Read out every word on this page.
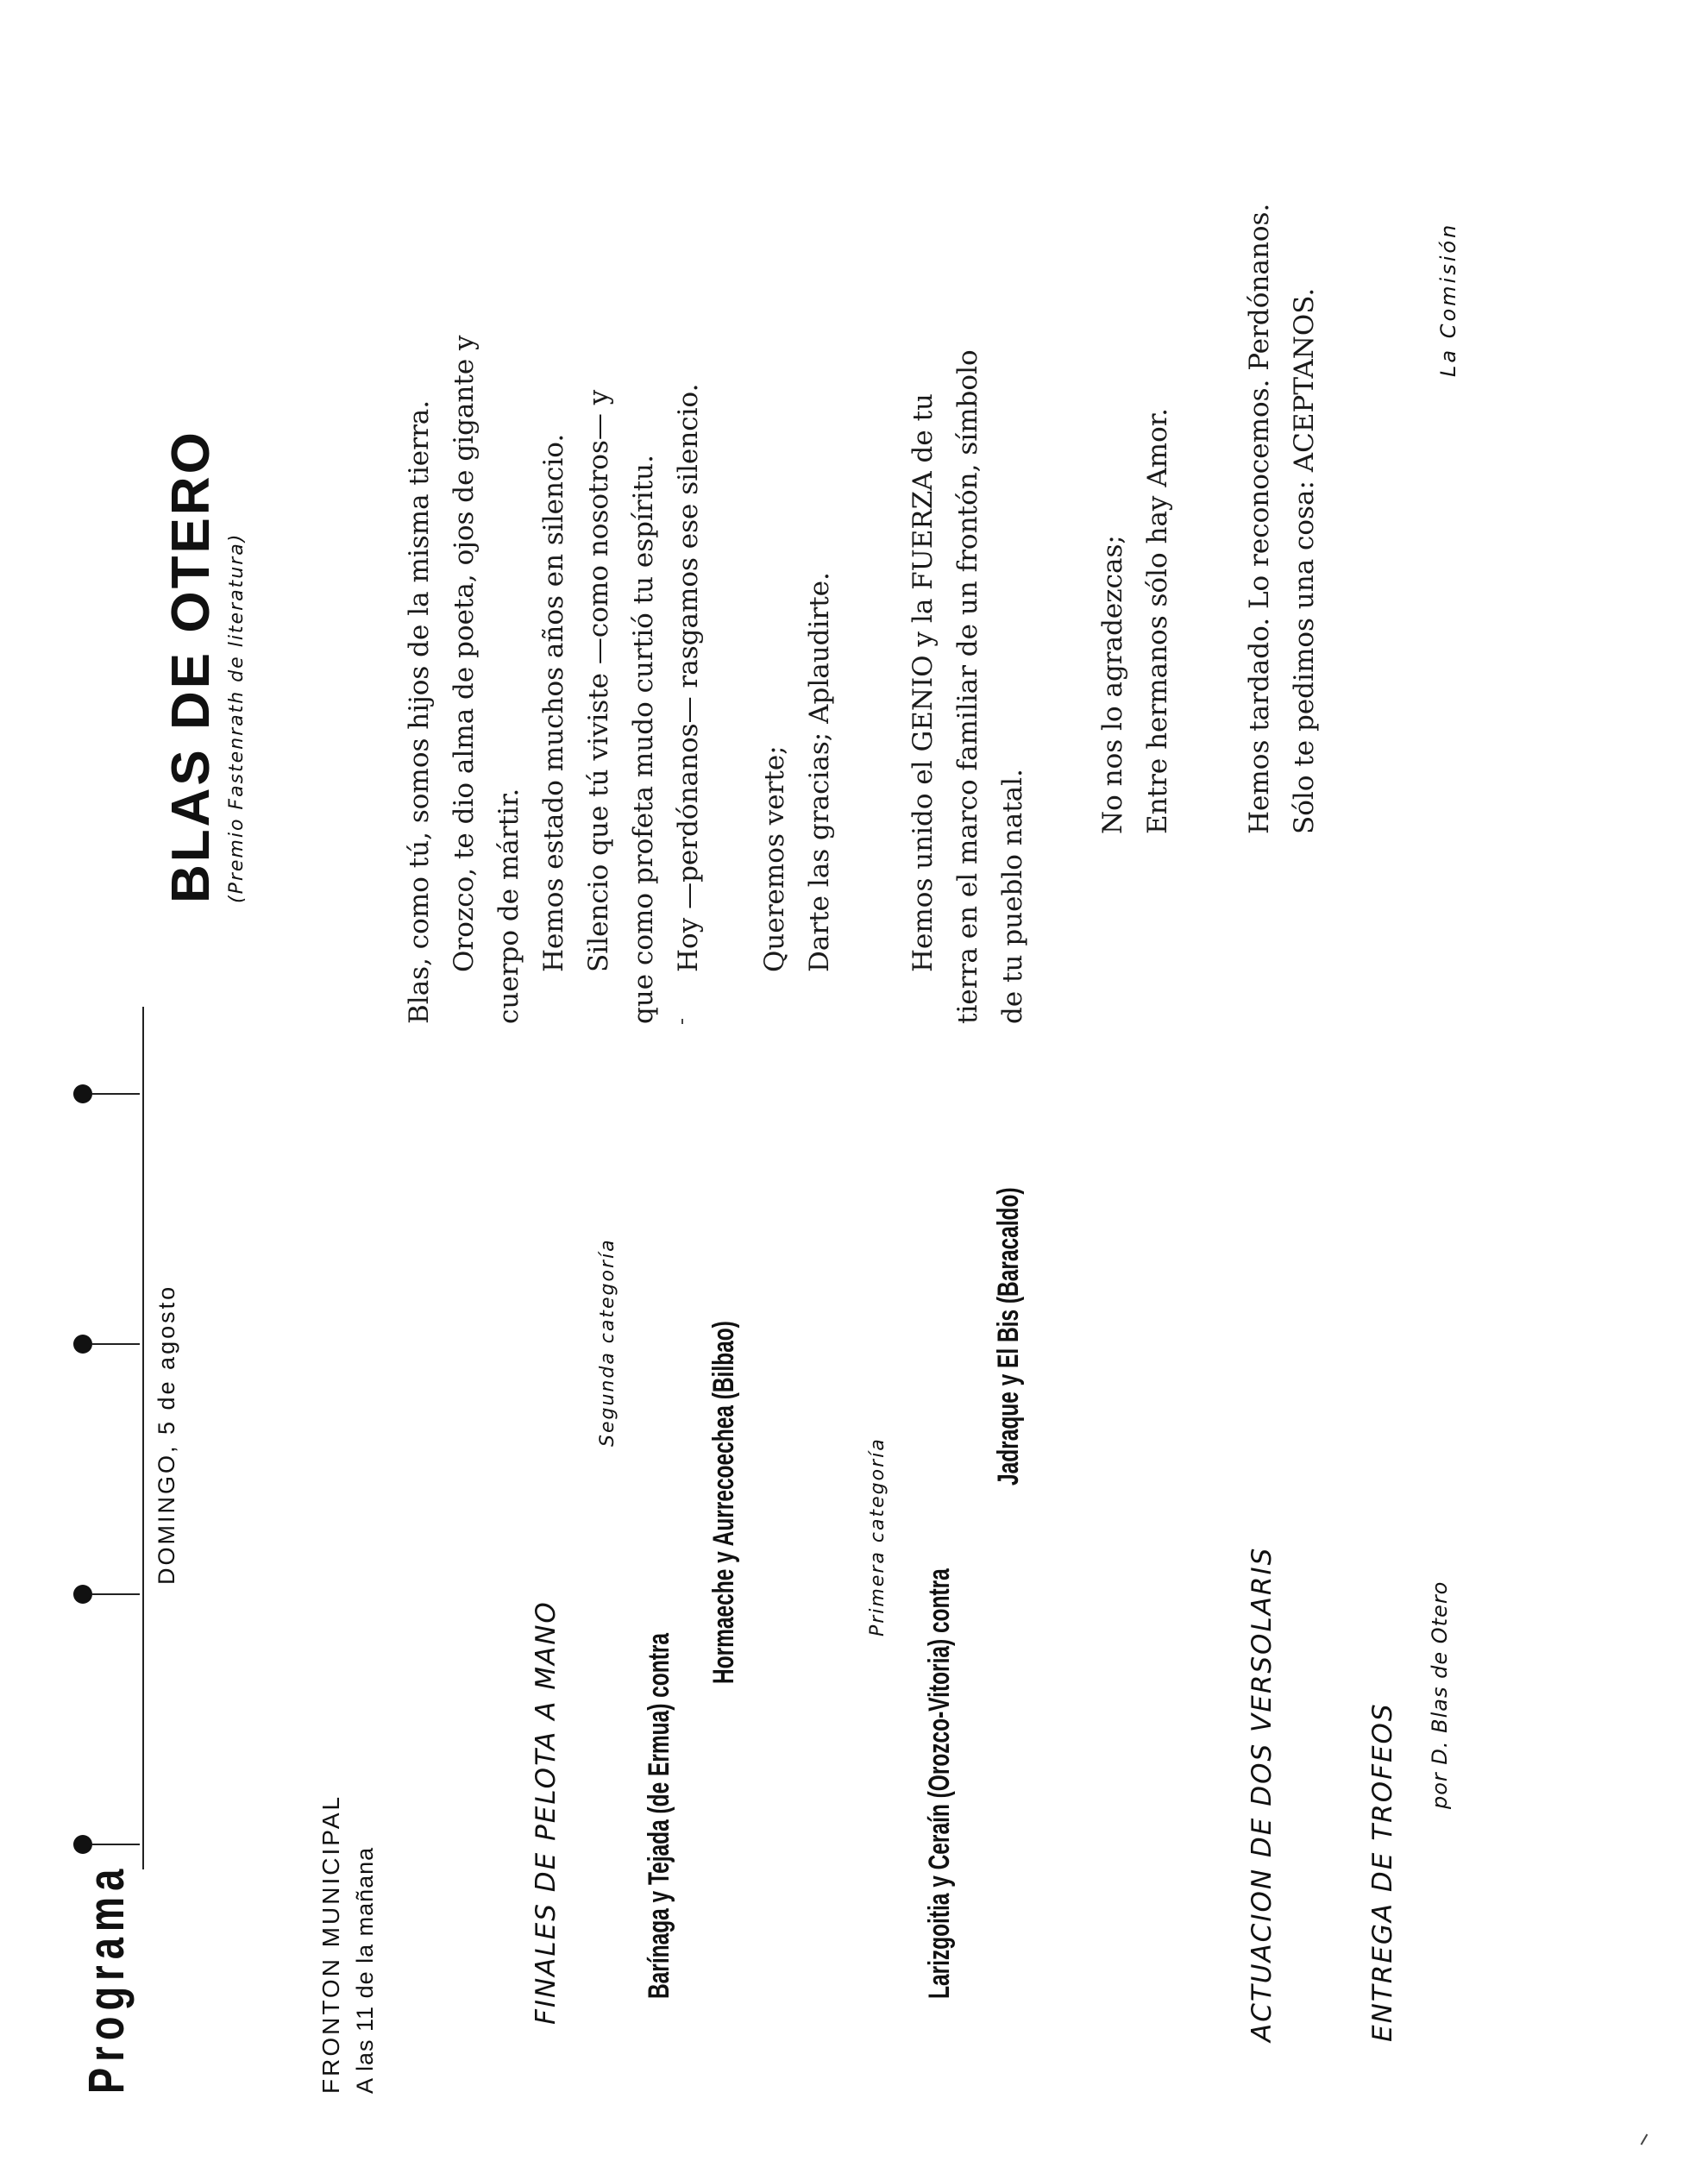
Programa
DOMINGO, 5 de agosto
FRONTON MUNICIPAL A las 11 de la mañana	FINALES DE PELOTA A MANO
Segunda categoría
Barínaga y Tejada (de Ermua) contra
Hormaeche y Aurrecoechea (Bilbao)	Primera categoría
Larizgoitia y Ceraín (Orozco-Vitoria) contra
Jadraque y El Bis (Baracaldo)
ACTUACION DE DOS VERSOLARIS	ENTREGA DE TROFEOS
por D. Blas de Otero
BLAS DE OTERO (Premio Fastenrath de literatura)	Blas, como tú, somos hijos de la misma tierra. Orozco, te dio alma de poeta, ojos de gigante y cuerpo de mártir. Hemos estado muchos años en silencio. Silencio que tú viviste —como nosotros— y que como profeta mudo curtió tu espíritu. Hoy —perdónanos— rasgamos ese silencio. Queremos verte; Darte las gracias; Aplaudirte.	Hemos unido el GENIO y la FUERZA de tu tierra en el marco familiar de un frontón, símbolo de tu pueblo natal.
No nos lo agradezcas; Entre hermanos sólo hay Amor.	Hemos tardado. Lo reconocemos. Perdónanos. Sólo te pedimos una cosa: ACEPTANOS.	La Comisión
